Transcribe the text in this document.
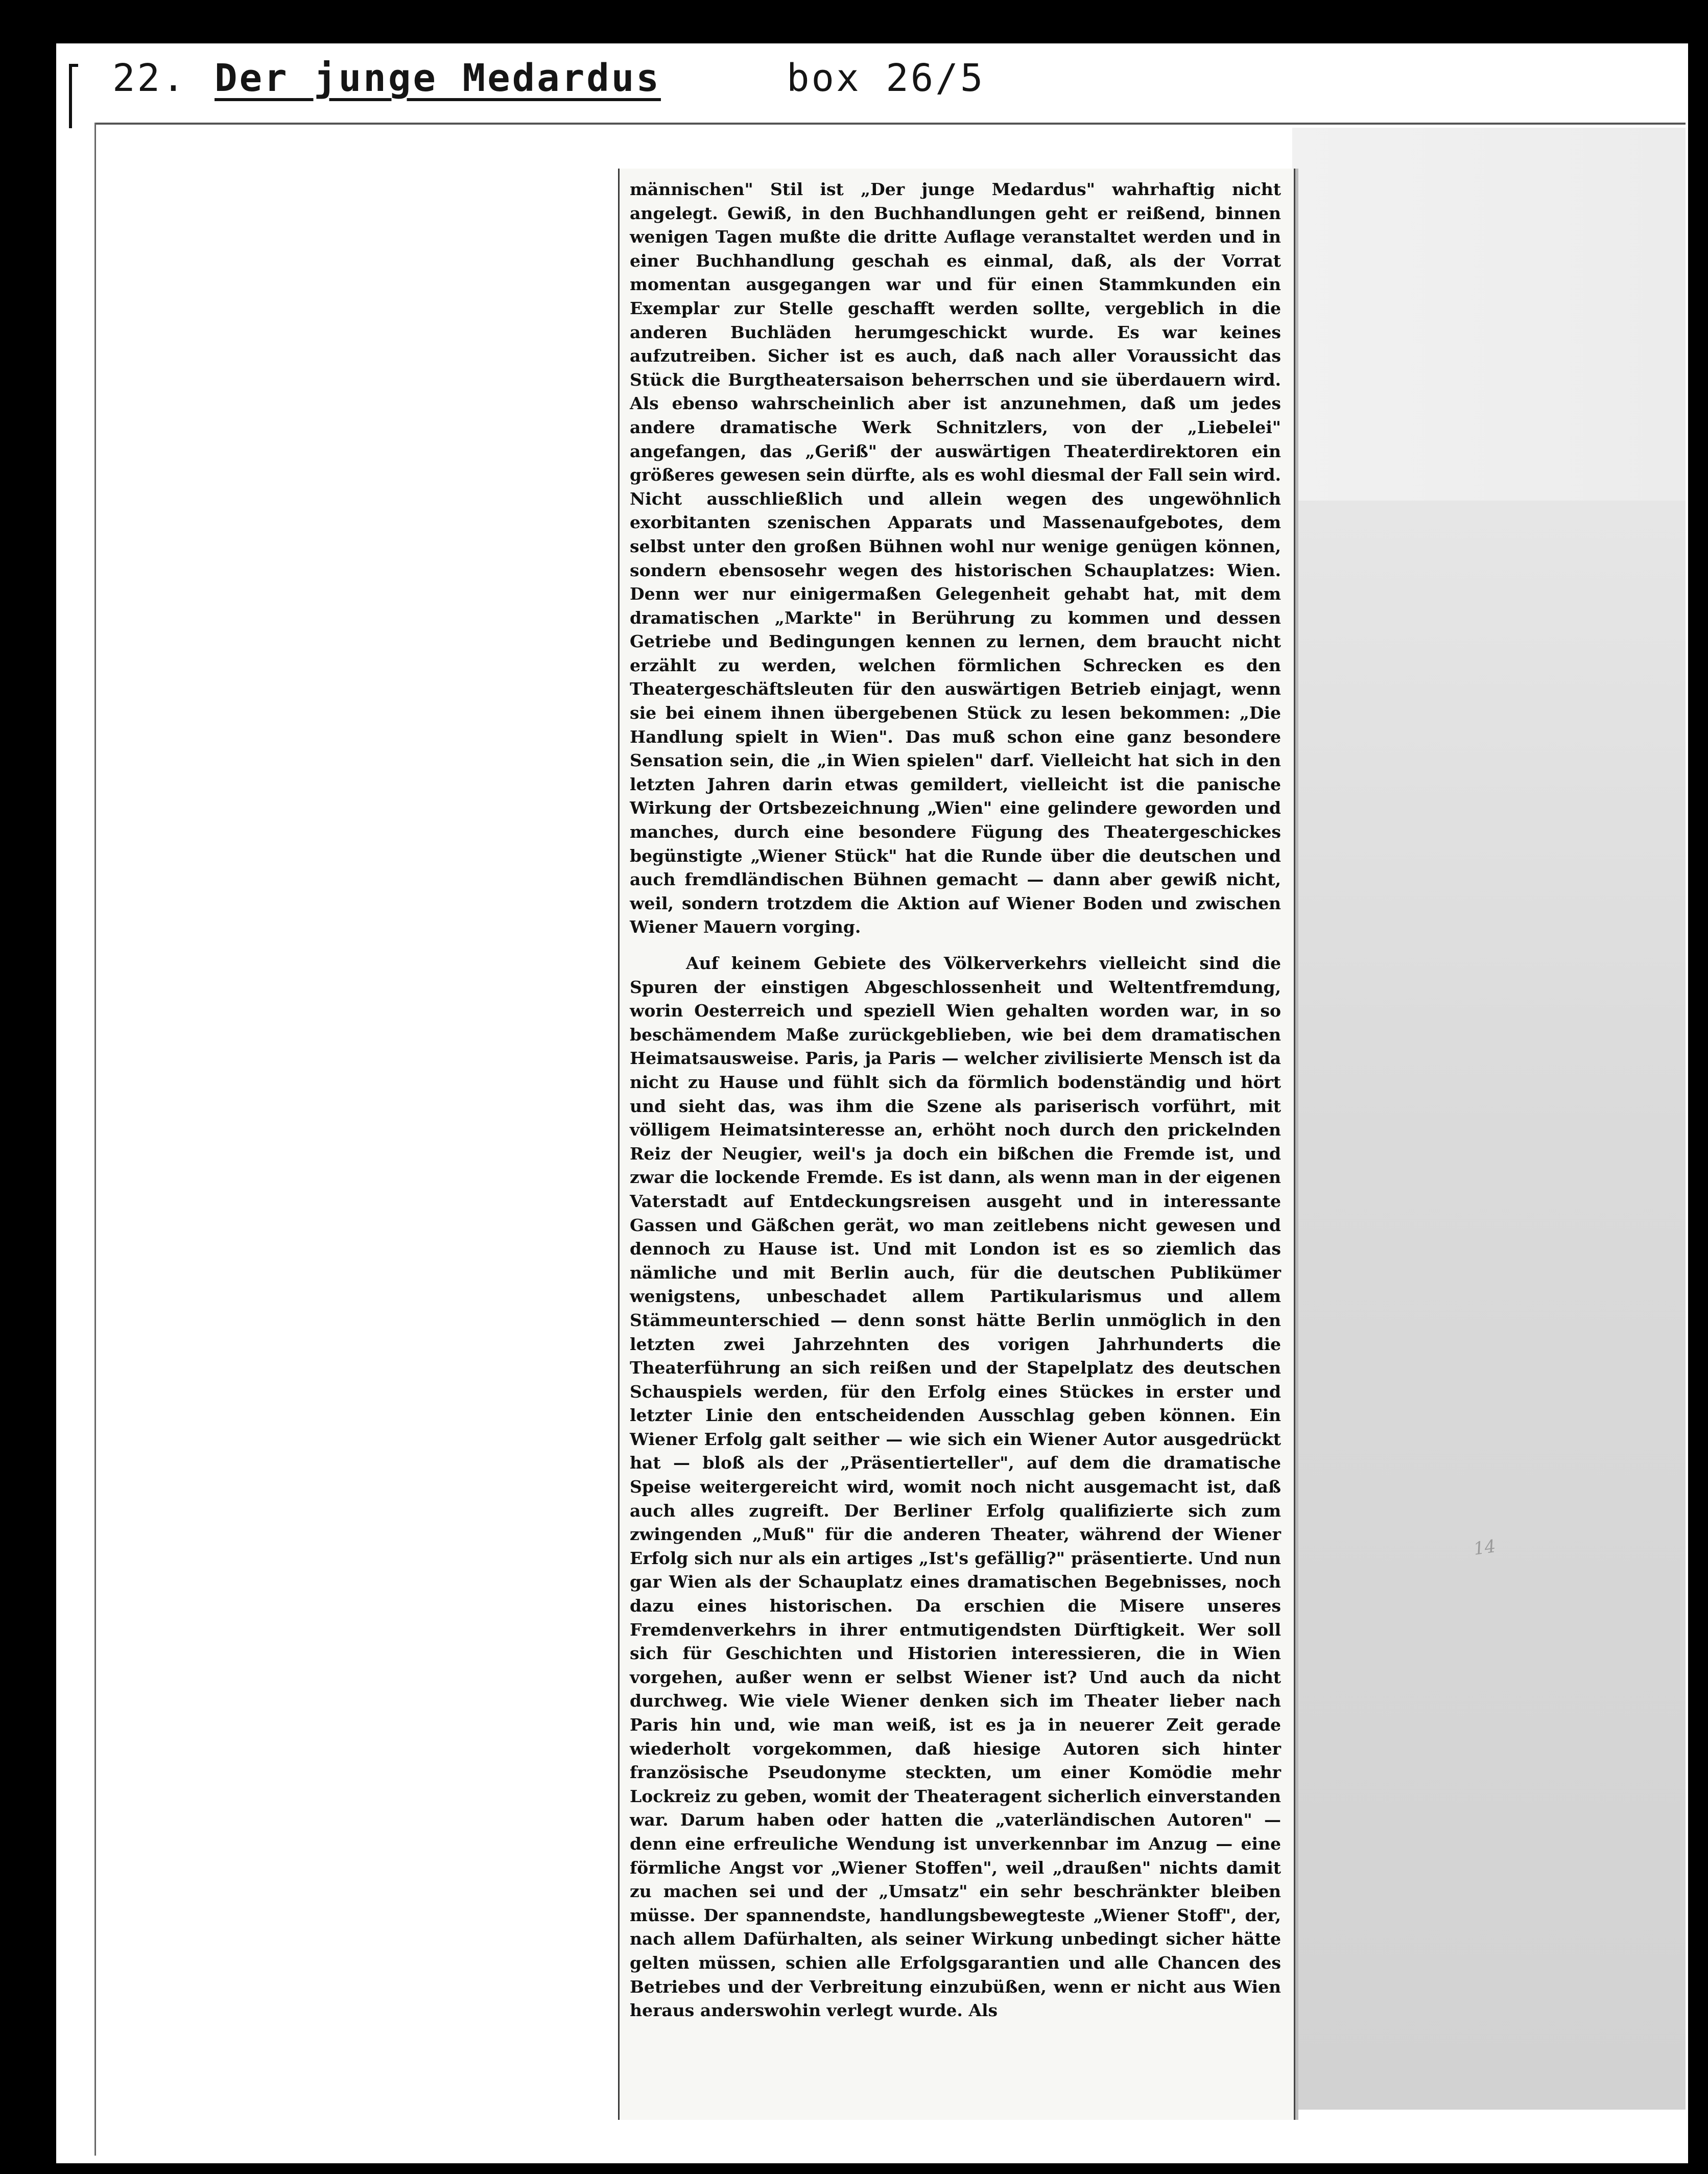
22. Der junge Medardus	box 26/5
14

männischen" Stil ist „Der junge Medardus" wahrhaftig nicht angelegt. Gewiß, in den Buchhandlungen geht er reißend, binnen wenigen Tagen mußte die dritte Auflage veranstaltet werden und in einer Buchhandlung geschah es einmal, daß, als der Vorrat momentan ausgegangen war und für einen Stammkunden ein Exemplar zur Stelle geschafft werden sollte, vergeblich in die anderen Buchläden herumgeschickt wurde. Es war keines aufzutreiben. Sicher ist es auch, daß nach aller Voraussicht das Stück die Burgtheatersaison beherrschen und sie überdauern wird. Als ebenso wahrscheinlich aber ist anzunehmen, daß um jedes andere dramatische Werk Schnitzlers, von der „Liebelei" angefangen, das „Geriß" der auswärtigen Theaterdirektoren ein größeres gewesen sein dürfte, als es wohl diesmal der Fall sein wird. Nicht ausschließlich und allein wegen des ungewöhnlich exorbitanten szenischen Apparats und Massenaufgebotes, dem selbst unter den großen Bühnen wohl nur wenige genügen können, sondern ebensosehr wegen des historischen Schauplatzes: Wien. Denn wer nur einigermaßen Gelegenheit gehabt hat, mit dem dramatischen „Markte" in Berührung zu kommen und dessen Getriebe und Bedingungen kennen zu lernen, dem braucht nicht erzählt zu werden, welchen förmlichen Schrecken es den Theatergeschäftsleuten für den auswärtigen Betrieb einjagt, wenn sie bei einem ihnen übergebenen Stück zu lesen bekommen: „Die Handlung spielt in Wien". Das muß schon eine ganz besondere Sensation sein, die „in Wien spielen" darf. Vielleicht hat sich in den letzten Jahren darin etwas gemildert, vielleicht ist die panische Wirkung der Ortsbezeichnung „Wien" eine gelindere geworden und manches, durch eine besondere Fügung des Theatergeschickes begünstigte „Wiener Stück" hat die Runde über die deutschen und auch fremdländischen Bühnen gemacht — dann aber gewiß nicht, weil, sondern trotzdem die Aktion auf Wiener Boden und zwischen Wiener Mauern vorging.

Auf keinem Gebiete des Völkerverkehrs vielleicht sind die Spuren der einstigen Abgeschlossenheit und Weltentfremdung, worin Oesterreich und speziell Wien gehalten worden war, in so beschämendem Maße zurückgeblieben, wie bei dem dramatischen Heimatsausweise. Paris, ja Paris — welcher zivilisierte Mensch ist da nicht zu Hause und fühlt sich da förmlich bodenständig und hört und sieht das, was ihm die Szene als pariserisch vorführt, mit völligem Heimatsinteresse an, erhöht noch durch den prickelnden Reiz der Neugier, weil's ja doch ein bißchen die Fremde ist, und zwar die lockende Fremde. Es ist dann, als wenn man in der eigenen Vaterstadt auf Entdeckungsreisen ausgeht und in interessante Gassen und Gäßchen gerät, wo man zeitlebens nicht gewesen und dennoch zu Hause ist. Und mit London ist es so ziemlich das nämliche und mit Berlin auch, für die deutschen Publikümer wenigstens, unbeschadet allem Partikularismus und allem Stämmeunterschied — denn sonst hätte Berlin unmöglich in den letzten zwei Jahrzehnten des vorigen Jahrhunderts die Theaterführung an sich reißen und der Stapelplatz des deutschen Schauspiels werden, für den Erfolg eines Stückes in erster und letzter Linie den entscheidenden Ausschlag geben können. Ein Wiener Erfolg galt seither — wie sich ein Wiener Autor ausgedrückt hat — bloß als der „Präsentierteller", auf dem die dramatische Speise weitergereicht wird, womit noch nicht ausgemacht ist, daß auch alles zugreift. Der Berliner Erfolg qualifizierte sich zum zwingenden „Muß" für die anderen Theater, während der Wiener Erfolg sich nur als ein artiges „Ist's gefällig?" präsentierte. Und nun gar Wien als der Schauplatz eines dramatischen Begebnisses, noch dazu eines historischen. Da erschien die Misere unseres Fremdenverkehrs in ihrer entmutigendsten Dürftigkeit. Wer soll sich für Geschichten und Historien interessieren, die in Wien vorgehen, außer wenn er selbst Wiener ist? Und auch da nicht durchweg. Wie viele Wiener denken sich im Theater lieber nach Paris hin und, wie man weiß, ist es ja in neuerer Zeit gerade wiederholt vorgekommen, daß hiesige Autoren sich hinter französische Pseudonyme steckten, um einer Komödie mehr Lockreiz zu geben, womit der Theateragent sicherlich einverstanden war. Darum haben oder hatten die „vaterländischen Autoren" — denn eine erfreuliche Wendung ist unverkennbar im Anzug — eine förmliche Angst vor „Wiener Stoffen", weil „draußen" nichts damit zu machen sei und der „Umsatz" ein sehr beschränkter bleiben müsse. Der spannendste, handlungsbewegteste „Wiener Stoff", der, nach allem Dafürhalten, als seiner Wirkung unbedingt sicher hätte gelten müssen, schien alle Erfolgsgarantien und alle Chancen des Betriebes und der Verbreitung einzubüßen, wenn er nicht aus Wien heraus anderswohin verlegt wurde. Als
